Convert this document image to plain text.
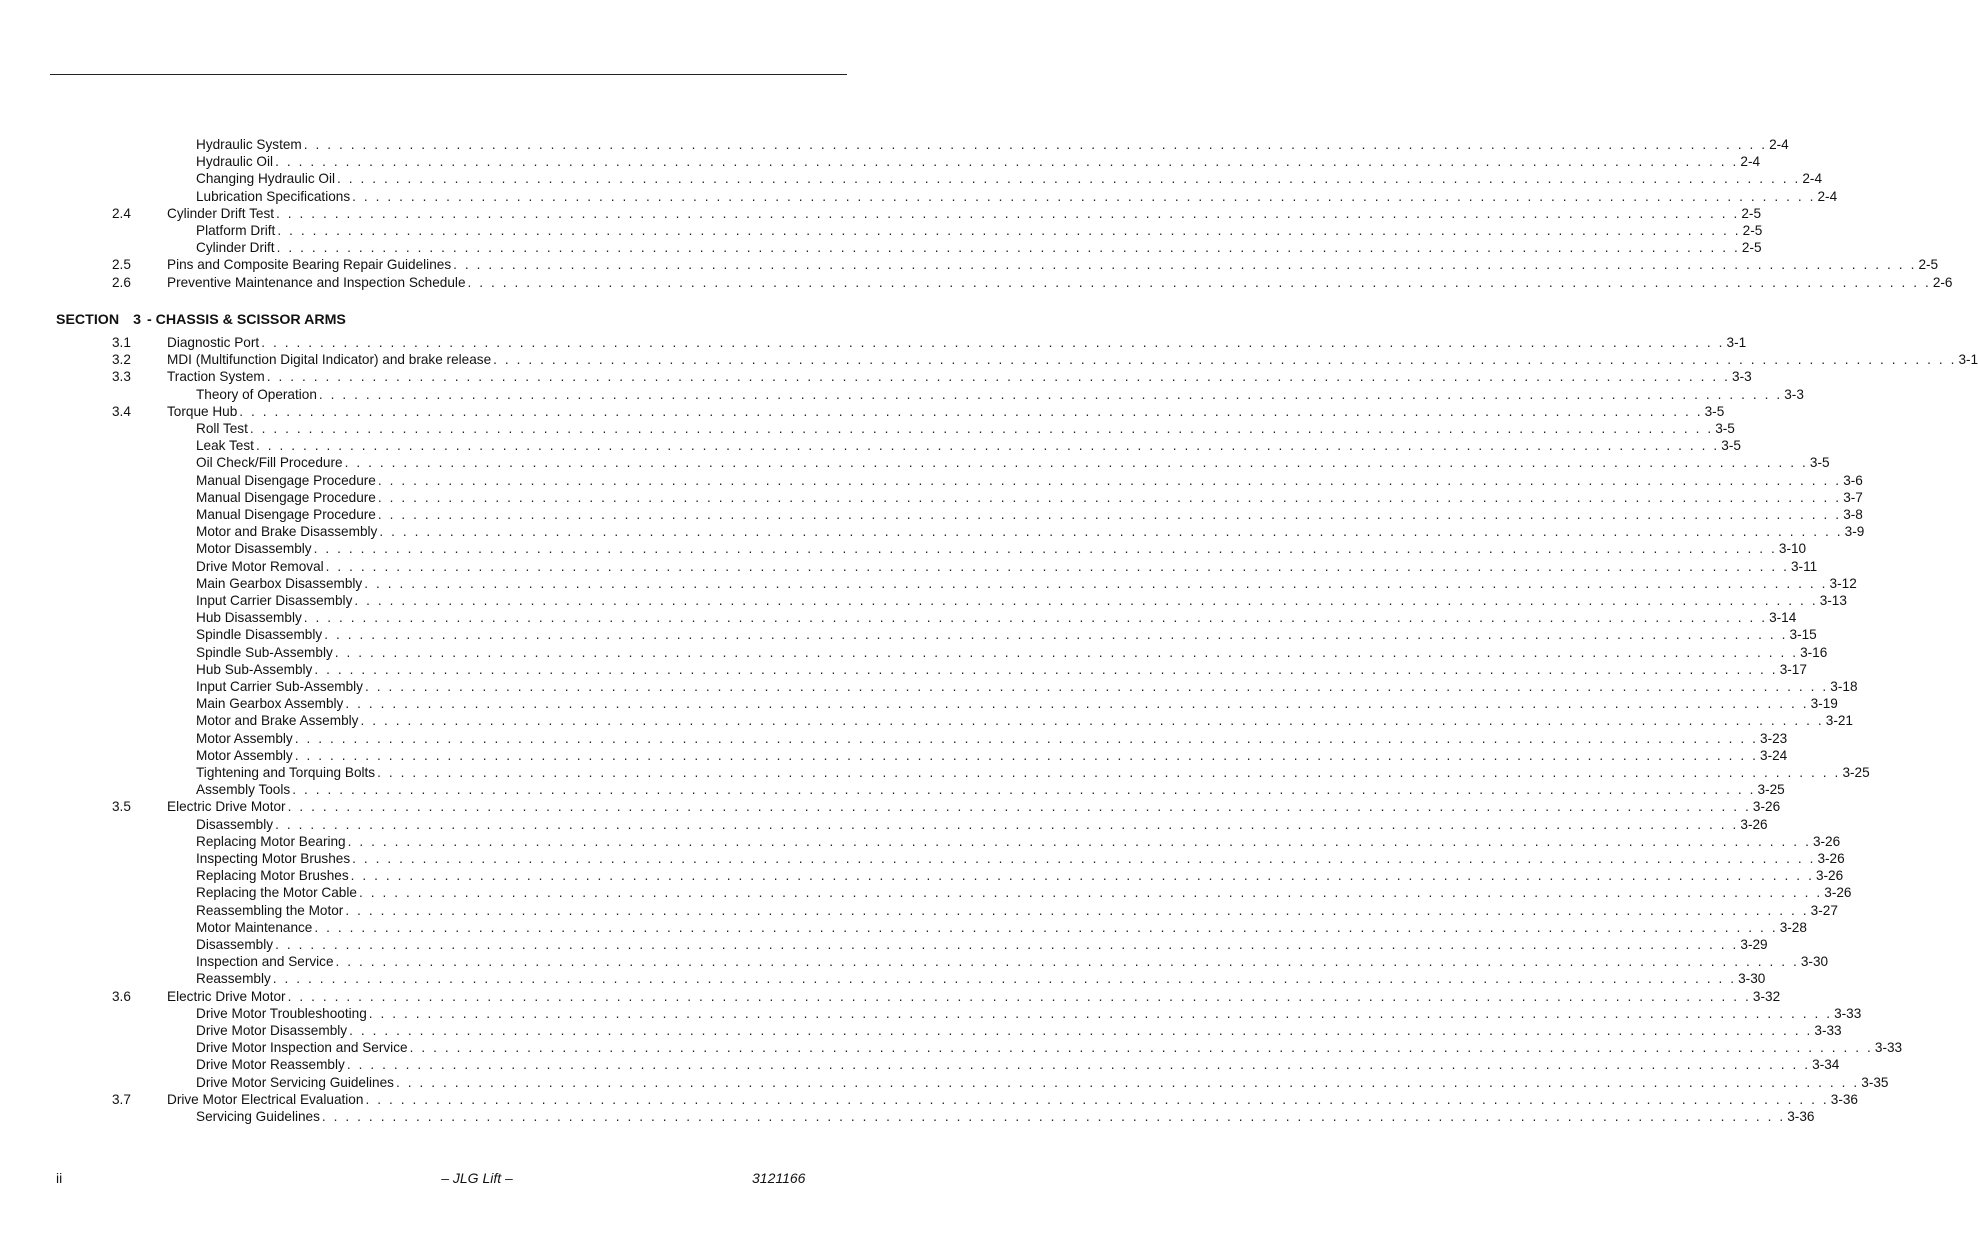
Hydraulic System . . . . . . . . . . . . . . . . . . . . . . . . . . . . . . . . . . . . . . . . . . . . . . . . . . . . . . . . . . . . . . . . . . . . . . . . . . . . . . . . . . . . . . . . . . . . . . . . . . . . . . . . . . . . . . . . . . . . . . . . . . . . . 2-4
Hydraulic Oil . . . . . . . . . . . . . . . . . . . . . . . . . . . . . . . . . . . . . . . . . . . . . . . . . . . . . . . . . . . . . . . . . . . . . . . . . . . . . . . . . . . . . . . . . . . . . . . . . . . . . . . . . . . . . . . . . . . . . . . . . . . . . 2-4
Changing Hydraulic Oil . . . . . . . . . . . . . . . . . . . . . . . . . . . . . . . . . . . . . . . . . . . . . . . . . . . . . . . . . . . . . . . . . . . . . . . . . . . . . . . . . . . . . . . . . . . . . . . . . . . . . . . . . . . . . . . . . . . . . . . . . . . . . 2-4
Lubrication Specifications . . . . . . . . . . . . . . . . . . . . . . . . . . . . . . . . . . . . . . . . . . . . . . . . . . . . . . . . . . . . . . . . . . . . . . . . . . . . . . . . . . . . . . . . . . . . . . . . . . . . . . . . . . . . . . . . . . . . . . . . . . . . . 2-4
2.4	Cylinder Drift Test . . . . . . . . . . . . . . . . . . . . . . . . . . . . . . . . . . . . . . . . . . . . . . . . . . . . . . . . . . . . . . . . . . . . . . . . . . . . . . . . . . . . . . . . . . . . . . . . . . . . . . . . . . . . . . . . . . . . . . . . . . . . . 2-5
Platform Drift . . . . . . . . . . . . . . . . . . . . . . . . . . . . . . . . . . . . . . . . . . . . . . . . . . . . . . . . . . . . . . . . . . . . . . . . . . . . . . . . . . . . . . . . . . . . . . . . . . . . . . . . . . . . . . . . . . . . . . . . . . . . . 2-5
Cylinder Drift . . . . . . . . . . . . . . . . . . . . . . . . . . . . . . . . . . . . . . . . . . . . . . . . . . . . . . . . . . . . . . . . . . . . . . . . . . . . . . . . . . . . . . . . . . . . . . . . . . . . . . . . . . . . . . . . . . . . . . . . . . . . . 2-5
2.5	Pins and Composite Bearing Repair Guidelines . . . . . . . . . . . . . . . . . . . . . . . . . . . . . . . . . . . . . . . . . . . . . . . . . . . . . . . . . . . . . . . . . . . . . . . . . . . . . . . . . . . . . . . . . . . . . . . . . . . . . . . . . . . . . . . . . . . . . . . . . . . . . 2-5
2.6	Preventive Maintenance and Inspection Schedule . . . . . . . . . . . . . . . . . . . . . . . . . . . . . . . . . . . . . . . . . . . . . . . . . . . . . . . . . . . . . . . . . . . . . . . . . . . . . . . . . . . . . . . . . . . . . . . . . . . . . . . . . . . . . . . . . . . . . . . . . . . . . 2-6
SECTION 3 - CHASSIS & SCISSOR ARMS
3.1	Diagnostic Port . . . . . . . . . . . . . . . . . . . . . . . . . . . . . . . . . . . . . . . . . . . . . . . . . . . . . . . . . . . . . . . . . . . . . . . . . . . . . . . . . . . . . . . . . . . . . . . . . . . . . . . . . . . . . . . . . . . . . . . . . . . . . 3-1
3.2	MDI (Multifunction Digital Indicator) and brake release . . . . . . . . . . . . . . . . . . . . . . . . . . . . . . . . . . . . . . . . . . . . . . . . . . . . . . . . . . . . . . . . . . . . . . . . . . . . . . . . . . . . . . . . . . . . . . . . . . . . . . . . . . . . . . . . . . . . . . . . . . . . . 3-1
3.3	Traction System . . . . . . . . . . . . . . . . . . . . . . . . . . . . . . . . . . . . . . . . . . . . . . . . . . . . . . . . . . . . . . . . . . . . . . . . . . . . . . . . . . . . . . . . . . . . . . . . . . . . . . . . . . . . . . . . . . . . . . . . . . . . . 3-3
Theory of Operation . . . . . . . . . . . . . . . . . . . . . . . . . . . . . . . . . . . . . . . . . . . . . . . . . . . . . . . . . . . . . . . . . . . . . . . . . . . . . . . . . . . . . . . . . . . . . . . . . . . . . . . . . . . . . . . . . . . . . . . . . . . . . 3-3
3.4	Torque Hub . . . . . . . . . . . . . . . . . . . . . . . . . . . . . . . . . . . . . . . . . . . . . . . . . . . . . . . . . . . . . . . . . . . . . . . . . . . . . . . . . . . . . . . . . . . . . . . . . . . . . . . . . . . . . . . . . . . . . . . . . . . . . 3-5
Roll Test . . . . . . . . . . . . . . . . . . . . . . . . . . . . . . . . . . . . . . . . . . . . . . . . . . . . . . . . . . . . . . . . . . . . . . . . . . . . . . . . . . . . . . . . . . . . . . . . . . . . . . . . . . . . . . . . . . . . . . . . . . . . . 3-5
Leak Test . . . . . . . . . . . . . . . . . . . . . . . . . . . . . . . . . . . . . . . . . . . . . . . . . . . . . . . . . . . . . . . . . . . . . . . . . . . . . . . . . . . . . . . . . . . . . . . . . . . . . . . . . . . . . . . . . . . . . . . . . . . . . 3-5
Oil Check/Fill Procedure . . . . . . . . . . . . . . . . . . . . . . . . . . . . . . . . . . . . . . . . . . . . . . . . . . . . . . . . . . . . . . . . . . . . . . . . . . . . . . . . . . . . . . . . . . . . . . . . . . . . . . . . . . . . . . . . . . . . . . . . . . . . . 3-5
Manual Disengage Procedure . . . . . . . . . . . . . . . . . . . . . . . . . . . . . . . . . . . . . . . . . . . . . . . . . . . . . . . . . . . . . . . . . . . . . . . . . . . . . . . . . . . . . . . . . . . . . . . . . . . . . . . . . . . . . . . . . . . . . . . . . . . . . 3-6
Manual Disengage Procedure . . . . . . . . . . . . . . . . . . . . . . . . . . . . . . . . . . . . . . . . . . . . . . . . . . . . . . . . . . . . . . . . . . . . . . . . . . . . . . . . . . . . . . . . . . . . . . . . . . . . . . . . . . . . . . . . . . . . . . . . . . . . . 3-7
Manual Disengage Procedure . . . . . . . . . . . . . . . . . . . . . . . . . . . . . . . . . . . . . . . . . . . . . . . . . . . . . . . . . . . . . . . . . . . . . . . . . . . . . . . . . . . . . . . . . . . . . . . . . . . . . . . . . . . . . . . . . . . . . . . . . . . . . 3-8
Motor and Brake Disassembly . . . . . . . . . . . . . . . . . . . . . . . . . . . . . . . . . . . . . . . . . . . . . . . . . . . . . . . . . . . . . . . . . . . . . . . . . . . . . . . . . . . . . . . . . . . . . . . . . . . . . . . . . . . . . . . . . . . . . . . . . . . . . 3-9
Motor Disassembly . . . . . . . . . . . . . . . . . . . . . . . . . . . . . . . . . . . . . . . . . . . . . . . . . . . . . . . . . . . . . . . . . . . . . . . . . . . . . . . . . . . . . . . . . . . . . . . . . . . . . . . . . . . . . . . . . . . . . . . . . . . . . 3-10
Drive Motor Removal . . . . . . . . . . . . . . . . . . . . . . . . . . . . . . . . . . . . . . . . . . . . . . . . . . . . . . . . . . . . . . . . . . . . . . . . . . . . . . . . . . . . . . . . . . . . . . . . . . . . . . . . . . . . . . . . . . . . . . . . . . . . . 3-11
Main Gearbox Disassembly . . . . . . . . . . . . . . . . . . . . . . . . . . . . . . . . . . . . . . . . . . . . . . . . . . . . . . . . . . . . . . . . . . . . . . . . . . . . . . . . . . . . . . . . . . . . . . . . . . . . . . . . . . . . . . . . . . . . . . . . . . . . . 3-12
Input Carrier Disassembly . . . . . . . . . . . . . . . . . . . . . . . . . . . . . . . . . . . . . . . . . . . . . . . . . . . . . . . . . . . . . . . . . . . . . . . . . . . . . . . . . . . . . . . . . . . . . . . . . . . . . . . . . . . . . . . . . . . . . . . . . . . . . 3-13
Hub Disassembly . . . . . . . . . . . . . . . . . . . . . . . . . . . . . . . . . . . . . . . . . . . . . . . . . . . . . . . . . . . . . . . . . . . . . . . . . . . . . . . . . . . . . . . . . . . . . . . . . . . . . . . . . . . . . . . . . . . . . . . . . . . . . 3-14
Spindle Disassembly . . . . . . . . . . . . . . . . . . . . . . . . . . . . . . . . . . . . . . . . . . . . . . . . . . . . . . . . . . . . . . . . . . . . . . . . . . . . . . . . . . . . . . . . . . . . . . . . . . . . . . . . . . . . . . . . . . . . . . . . . . . . . 3-15
Spindle Sub-Assembly . . . . . . . . . . . . . . . . . . . . . . . . . . . . . . . . . . . . . . . . . . . . . . . . . . . . . . . . . . . . . . . . . . . . . . . . . . . . . . . . . . . . . . . . . . . . . . . . . . . . . . . . . . . . . . . . . . . . . . . . . . . . . 3-16
Hub Sub-Assembly . . . . . . . . . . . . . . . . . . . . . . . . . . . . . . . . . . . . . . . . . . . . . . . . . . . . . . . . . . . . . . . . . . . . . . . . . . . . . . . . . . . . . . . . . . . . . . . . . . . . . . . . . . . . . . . . . . . . . . . . . . . . . 3-17
Input Carrier Sub-Assembly . . . . . . . . . . . . . . . . . . . . . . . . . . . . . . . . . . . . . . . . . . . . . . . . . . . . . . . . . . . . . . . . . . . . . . . . . . . . . . . . . . . . . . . . . . . . . . . . . . . . . . . . . . . . . . . . . . . . . . . . . . . . . 3-18
Main Gearbox Assembly . . . . . . . . . . . . . . . . . . . . . . . . . . . . . . . . . . . . . . . . . . . . . . . . . . . . . . . . . . . . . . . . . . . . . . . . . . . . . . . . . . . . . . . . . . . . . . . . . . . . . . . . . . . . . . . . . . . . . . . . . . . . . 3-19
Motor and Brake Assembly . . . . . . . . . . . . . . . . . . . . . . . . . . . . . . . . . . . . . . . . . . . . . . . . . . . . . . . . . . . . . . . . . . . . . . . . . . . . . . . . . . . . . . . . . . . . . . . . . . . . . . . . . . . . . . . . . . . . . . . . . . . . . 3-21
Motor Assembly . . . . . . . . . . . . . . . . . . . . . . . . . . . . . . . . . . . . . . . . . . . . . . . . . . . . . . . . . . . . . . . . . . . . . . . . . . . . . . . . . . . . . . . . . . . . . . . . . . . . . . . . . . . . . . . . . . . . . . . . . . . . . 3-23
Motor Assembly . . . . . . . . . . . . . . . . . . . . . . . . . . . . . . . . . . . . . . . . . . . . . . . . . . . . . . . . . . . . . . . . . . . . . . . . . . . . . . . . . . . . . . . . . . . . . . . . . . . . . . . . . . . . . . . . . . . . . . . . . . . . . 3-24
Tightening and Torquing Bolts . . . . . . . . . . . . . . . . . . . . . . . . . . . . . . . . . . . . . . . . . . . . . . . . . . . . . . . . . . . . . . . . . . . . . . . . . . . . . . . . . . . . . . . . . . . . . . . . . . . . . . . . . . . . . . . . . . . . . . . . . . . . . 3-25
Assembly Tools . . . . . . . . . . . . . . . . . . . . . . . . . . . . . . . . . . . . . . . . . . . . . . . . . . . . . . . . . . . . . . . . . . . . . . . . . . . . . . . . . . . . . . . . . . . . . . . . . . . . . . . . . . . . . . . . . . . . . . . . . . . . . 3-25
3.5	Electric Drive Motor . . . . . . . . . . . . . . . . . . . . . . . . . . . . . . . . . . . . . . . . . . . . . . . . . . . . . . . . . . . . . . . . . . . . . . . . . . . . . . . . . . . . . . . . . . . . . . . . . . . . . . . . . . . . . . . . . . . . . . . . . . . . . 3-26
Disassembly . . . . . . . . . . . . . . . . . . . . . . . . . . . . . . . . . . . . . . . . . . . . . . . . . . . . . . . . . . . . . . . . . . . . . . . . . . . . . . . . . . . . . . . . . . . . . . . . . . . . . . . . . . . . . . . . . . . . . . . . . . . . . 3-26
Replacing Motor Bearing . . . . . . . . . . . . . . . . . . . . . . . . . . . . . . . . . . . . . . . . . . . . . . . . . . . . . . . . . . . . . . . . . . . . . . . . . . . . . . . . . . . . . . . . . . . . . . . . . . . . . . . . . . . . . . . . . . . . . . . . . . . . . 3-26
Inspecting Motor Brushes . . . . . . . . . . . . . . . . . . . . . . . . . . . . . . . . . . . . . . . . . . . . . . . . . . . . . . . . . . . . . . . . . . . . . . . . . . . . . . . . . . . . . . . . . . . . . . . . . . . . . . . . . . . . . . . . . . . . . . . . . . . . . 3-26
Replacing Motor Brushes . . . . . . . . . . . . . . . . . . . . . . . . . . . . . . . . . . . . . . . . . . . . . . . . . . . . . . . . . . . . . . . . . . . . . . . . . . . . . . . . . . . . . . . . . . . . . . . . . . . . . . . . . . . . . . . . . . . . . . . . . . . . . 3-26
Replacing the Motor Cable . . . . . . . . . . . . . . . . . . . . . . . . . . . . . . . . . . . . . . . . . . . . . . . . . . . . . . . . . . . . . . . . . . . . . . . . . . . . . . . . . . . . . . . . . . . . . . . . . . . . . . . . . . . . . . . . . . . . . . . . . . . . . 3-26
Reassembling the Motor . . . . . . . . . . . . . . . . . . . . . . . . . . . . . . . . . . . . . . . . . . . . . . . . . . . . . . . . . . . . . . . . . . . . . . . . . . . . . . . . . . . . . . . . . . . . . . . . . . . . . . . . . . . . . . . . . . . . . . . . . . . . . 3-27
Motor Maintenance . . . . . . . . . . . . . . . . . . . . . . . . . . . . . . . . . . . . . . . . . . . . . . . . . . . . . . . . . . . . . . . . . . . . . . . . . . . . . . . . . . . . . . . . . . . . . . . . . . . . . . . . . . . . . . . . . . . . . . . . . . . . . 3-28
Disassembly . . . . . . . . . . . . . . . . . . . . . . . . . . . . . . . . . . . . . . . . . . . . . . . . . . . . . . . . . . . . . . . . . . . . . . . . . . . . . . . . . . . . . . . . . . . . . . . . . . . . . . . . . . . . . . . . . . . . . . . . . . . . . 3-29
Inspection and Service . . . . . . . . . . . . . . . . . . . . . . . . . . . . . . . . . . . . . . . . . . . . . . . . . . . . . . . . . . . . . . . . . . . . . . . . . . . . . . . . . . . . . . . . . . . . . . . . . . . . . . . . . . . . . . . . . . . . . . . . . . . . . 3-30
Reassembly . . . . . . . . . . . . . . . . . . . . . . . . . . . . . . . . . . . . . . . . . . . . . . . . . . . . . . . . . . . . . . . . . . . . . . . . . . . . . . . . . . . . . . . . . . . . . . . . . . . . . . . . . . . . . . . . . . . . . . . . . . . . . 3-30
3.6	Electric Drive Motor . . . . . . . . . . . . . . . . . . . . . . . . . . . . . . . . . . . . . . . . . . . . . . . . . . . . . . . . . . . . . . . . . . . . . . . . . . . . . . . . . . . . . . . . . . . . . . . . . . . . . . . . . . . . . . . . . . . . . . . . . . . . . 3-32
Drive Motor Troubleshooting . . . . . . . . . . . . . . . . . . . . . . . . . . . . . . . . . . . . . . . . . . . . . . . . . . . . . . . . . . . . . . . . . . . . . . . . . . . . . . . . . . . . . . . . . . . . . . . . . . . . . . . . . . . . . . . . . . . . . . . . . . . . . 3-33
Drive Motor Disassembly . . . . . . . . . . . . . . . . . . . . . . . . . . . . . . . . . . . . . . . . . . . . . . . . . . . . . . . . . . . . . . . . . . . . . . . . . . . . . . . . . . . . . . . . . . . . . . . . . . . . . . . . . . . . . . . . . . . . . . . . . . . . . 3-33
Drive Motor Inspection and Service . . . . . . . . . . . . . . . . . . . . . . . . . . . . . . . . . . . . . . . . . . . . . . . . . . . . . . . . . . . . . . . . . . . . . . . . . . . . . . . . . . . . . . . . . . . . . . . . . . . . . . . . . . . . . . . . . . . . . . . . . . . . . 3-33
Drive Motor Reassembly . . . . . . . . . . . . . . . . . . . . . . . . . . . . . . . . . . . . . . . . . . . . . . . . . . . . . . . . . . . . . . . . . . . . . . . . . . . . . . . . . . . . . . . . . . . . . . . . . . . . . . . . . . . . . . . . . . . . . . . . . . . . . 3-34
Drive Motor Servicing Guidelines . . . . . . . . . . . . . . . . . . . . . . . . . . . . . . . . . . . . . . . . . . . . . . . . . . . . . . . . . . . . . . . . . . . . . . . . . . . . . . . . . . . . . . . . . . . . . . . . . . . . . . . . . . . . . . . . . . . . . . . . . . . . . 3-35
3.7	Drive Motor Electrical Evaluation . . . . . . . . . . . . . . . . . . . . . . . . . . . . . . . . . . . . . . . . . . . . . . . . . . . . . . . . . . . . . . . . . . . . . . . . . . . . . . . . . . . . . . . . . . . . . . . . . . . . . . . . . . . . . . . . . . . . . . . . . . . . . 3-36
Servicing Guidelines . . . . . . . . . . . . . . . . . . . . . . . . . . . . . . . . . . . . . . . . . . . . . . . . . . . . . . . . . . . . . . . . . . . . . . . . . . . . . . . . . . . . . . . . . . . . . . . . . . . . . . . . . . . . . . . . . . . . . . . . . . . . . 3-36
ii	– JLG Lift –	3121166
